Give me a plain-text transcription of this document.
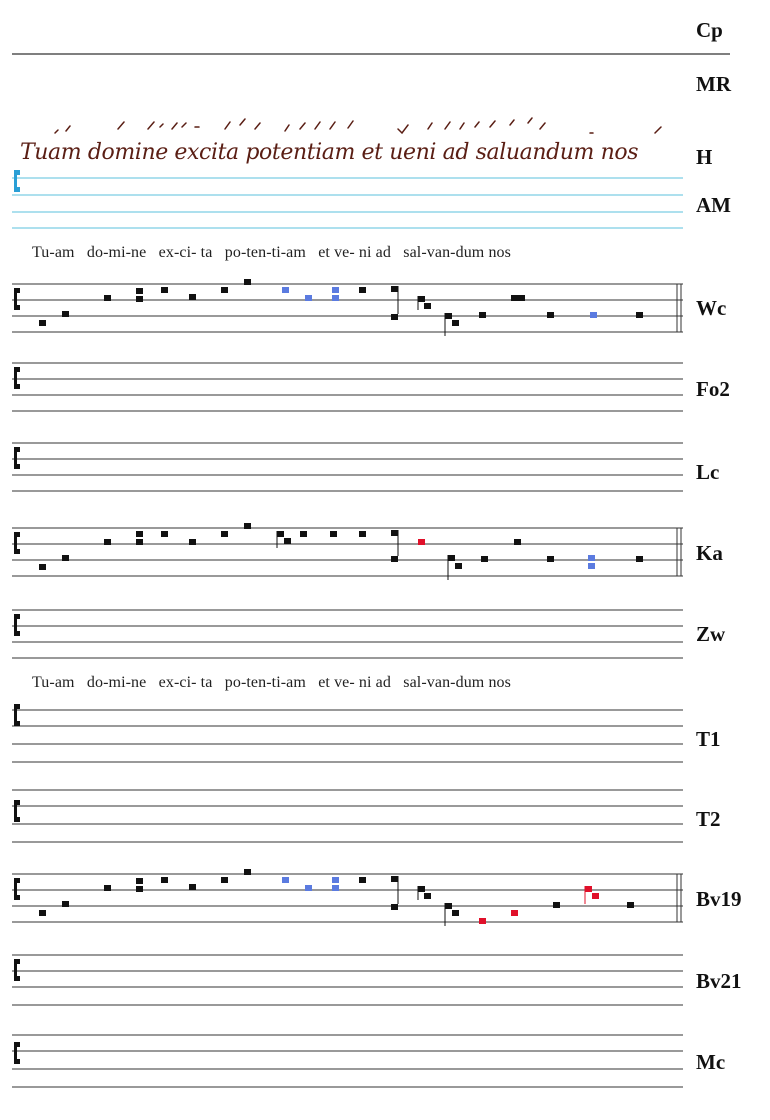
Cp
MR
Tuam domine excita potentiam et ueni ad saluandum nos	H
AM
Tu-am do-mi-ne ex-ci- ta po-ten-ti-am et ve- ni ad sal-van-dum nos
Wc
Fo2
Lc
Ka
Zw
Tu-am do-mi-ne ex-ci- ta po-ten-ti-am et ve- ni ad sal-van-dum nos
T1
T2
Bv19
Bv21
Mc
